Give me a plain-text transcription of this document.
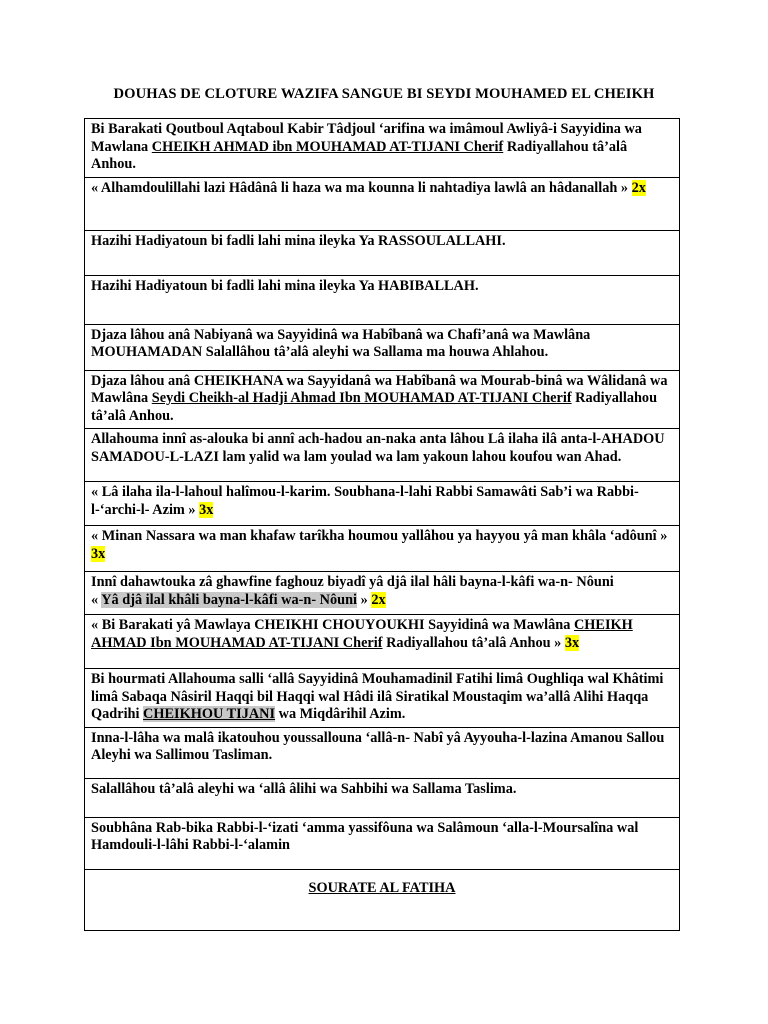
DOUHAS DE CLOTURE WAZIFA SANGUE BI SEYDI MOUHAMED EL CHEIKH
Bi Barakati Qoutboul Aqtaboul Kabir Tâdjoul ‘arifina wa imâmoul Awliyâ-i Sayyidina wa Mawlana CHEIKH AHMAD ibn MOUHAMAD AT-TIJANI Cherif Radiyallahou tâ’alâ Anhou.
« Alhamdoulillahi lazi Hâdânâ li haza wa ma kounna li nahtadiya lawlâ an hâdanallah » 2x
Hazihi Hadiyatoun bi fadli lahi mina ileyka Ya RASSOULALLAHI.
Hazihi Hadiyatoun bi fadli lahi mina ileyka Ya HABIBALLAH.
Djaza lâhou anâ Nabiyanâ wa Sayyidinâ wa Habîbanâ wa Chafi’anâ wa Mawlâna MOUHAMADAN Salallâhou tâ’alâ aleyhi wa Sallama ma houwa Ahlahou.
Djaza lâhou anâ CHEIKHANA wa Sayyidanâ wa Habîbanâ wa Mourab-binâ wa Wâlidanâ wa Mawlâna Seydi Cheikh-al Hadji Ahmad Ibn MOUHAMAD AT-TIJANI Cherif Radiyallahou tâ’alâ Anhou.
Allahouma innî as-alouka bi annî ach-hadou an-naka anta lâhou Lâ ilaha ilâ anta-l-AHADOU SAMADOU-L-LAZI lam yalid wa lam youlad wa lam yakoun lahou koufou wan Ahad.
« Lâ ilaha ila-l-lahoul halîmou-l-karim. Soubhana-l-lahi Rabbi Samawâti Sab’i wa Rabbi-l-‘archi-l- Azim » 3x
« Minan Nassara wa man khafaw tarîkha houmou yallâhou ya hayyou yâ man khâla ‘adôunî » 3x
Innî dahawtouka zâ ghawfine faghouz biyadî yâ djâ ilal hâli bayna-l-kâfi wa-n- Nôuni
« Yâ djâ ilal khâli bayna-l-kâfi wa-n- Nôuni » 2x
« Bi Barakati yâ Mawlaya CHEIKHI CHOUYOUKHI Sayyidinâ wa Mawlâna CHEIKH AHMAD Ibn MOUHAMAD AT-TIJANI Cherif Radiyallahou tâ’alâ Anhou » 3x
Bi hourmati Allahouma salli ‘allâ Sayyidinâ Mouhamadinil Fatihi limâ Oughliqa wal Khâtimi limâ Sabaqa Nâsiril Haqqi bil Haqqi wal Hâdi ilâ Siratikal Moustaqim wa’allâ Alihi Haqqa Qadrihi CHEIKHOU TIJANI wa Miqdârihil Azim.
Inna-l-lâha wa malâ ikatouhou youssallouna ‘allâ-n- Nabî yâ Ayyouha-l-lazina Amanou Sallou Aleyhi wa Sallimou Tasliman.
Salallâhou tâ’alâ aleyhi wa ‘allâ âlihi wa Sahbihi wa Sallama Taslima.
Soubhâna Rab-bika Rabbi-l-‘izati ‘amma yassifôuna wa Salâmoun ‘alla-l-Moursalîna wal Hamdouli-l-lâhi Rabbi-l-‘alamin
SOURATE AL FATIHA
